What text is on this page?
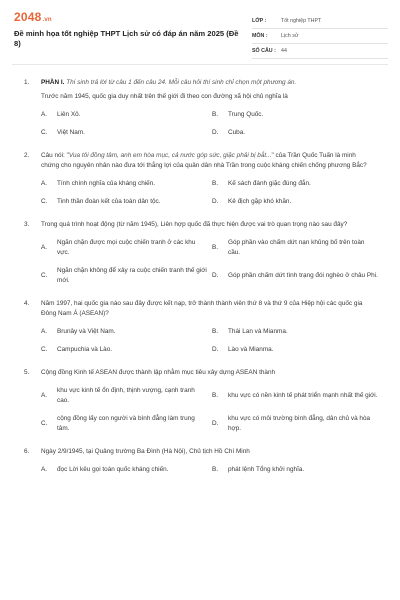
2048.vn
Đề minh họa tốt nghiệp THPT Lịch sử có đáp án năm 2025 (Đề 8)
LỚP :	Tốt nghiệp THPT
MÔN :	Lịch sử
SỐ CÂU : 44
1.	PHẦN I. Thí sinh trả lời từ câu 1 đến câu 24. Mỗi câu hỏi thí sinh chỉ chọn một phương án.
Trước năm 1945, quốc gia duy nhất trên thế giới đi theo con đường xã hội chủ nghĩa là
A.	Liên Xô.	B.	Trung Quốc.
C.	Việt Nam.	D.	Cuba.
2.	Câu nói: "Vua tôi đồng tâm, anh em hòa mục, cả nước góp sức, giặc phải bị bắt..." của Trần Quốc Tuấn là minh chứng cho nguyên nhân nào đưa tới thắng lợi của quân dân nhà Trần trong cuộc kháng chiến chống phương Bắc?
A.	Tính chính nghĩa của kháng chiến.	B.	Kế sách đánh giặc đúng đắn.
C.	Tinh thần đoàn kết của toàn dân tộc.	D.	Kẻ địch gặp khó khăn.
3.	Trong quá trình hoạt động (từ năm 1945), Liên hợp quốc đã thực hiện được vai trò quan trọng nào sau đây?
A.
Ngăn chặn được mọi cuộc chiến tranh ở các khu vực.
B.
Góp phần vào chấm dứt nạn khủng bố trên toàn cầu.
C.
Ngăn chặn không để xảy ra cuộc chiến tranh thế giới mới.
D.	Góp phần chấm dứt tình trạng đói nghèo ở châu Phi.
4.	Năm 1997, hai quốc gia nào sau đây được kết nạp, trở thành thành viên thứ 8 và thứ 9 của Hiệp hội các quốc gia Đông Nam Á (ASEAN)?
A.	Brunây và Việt Nam.	B.	Thái Lan và Mianma.
C.	Campuchia và Lào.	D.	Lào và Mianma.
5.	Cộng đồng Kinh tế ASEAN được thành lập nhằm mục tiêu xây dựng ASEAN thành
A.
khu vực kinh tế ổn định, thịnh vượng, cạnh tranh cao.
B.	khu vực có nền kinh tế phát triển mạnh nhất thế giới.
C.
cộng đồng lấy con người và bình đẳng làm trung tâm.
D.
khu vực có môi trường bình đẳng, dân chủ và hòa hợp.
6.	Ngày 2/9/1945, tại Quảng trường Ba Đình (Hà Nội), Chủ tịch Hồ Chí Minh
A.	đọc Lời kêu gọi toàn quốc kháng chiến.	B.	phát lệnh Tổng khởi nghĩa.
